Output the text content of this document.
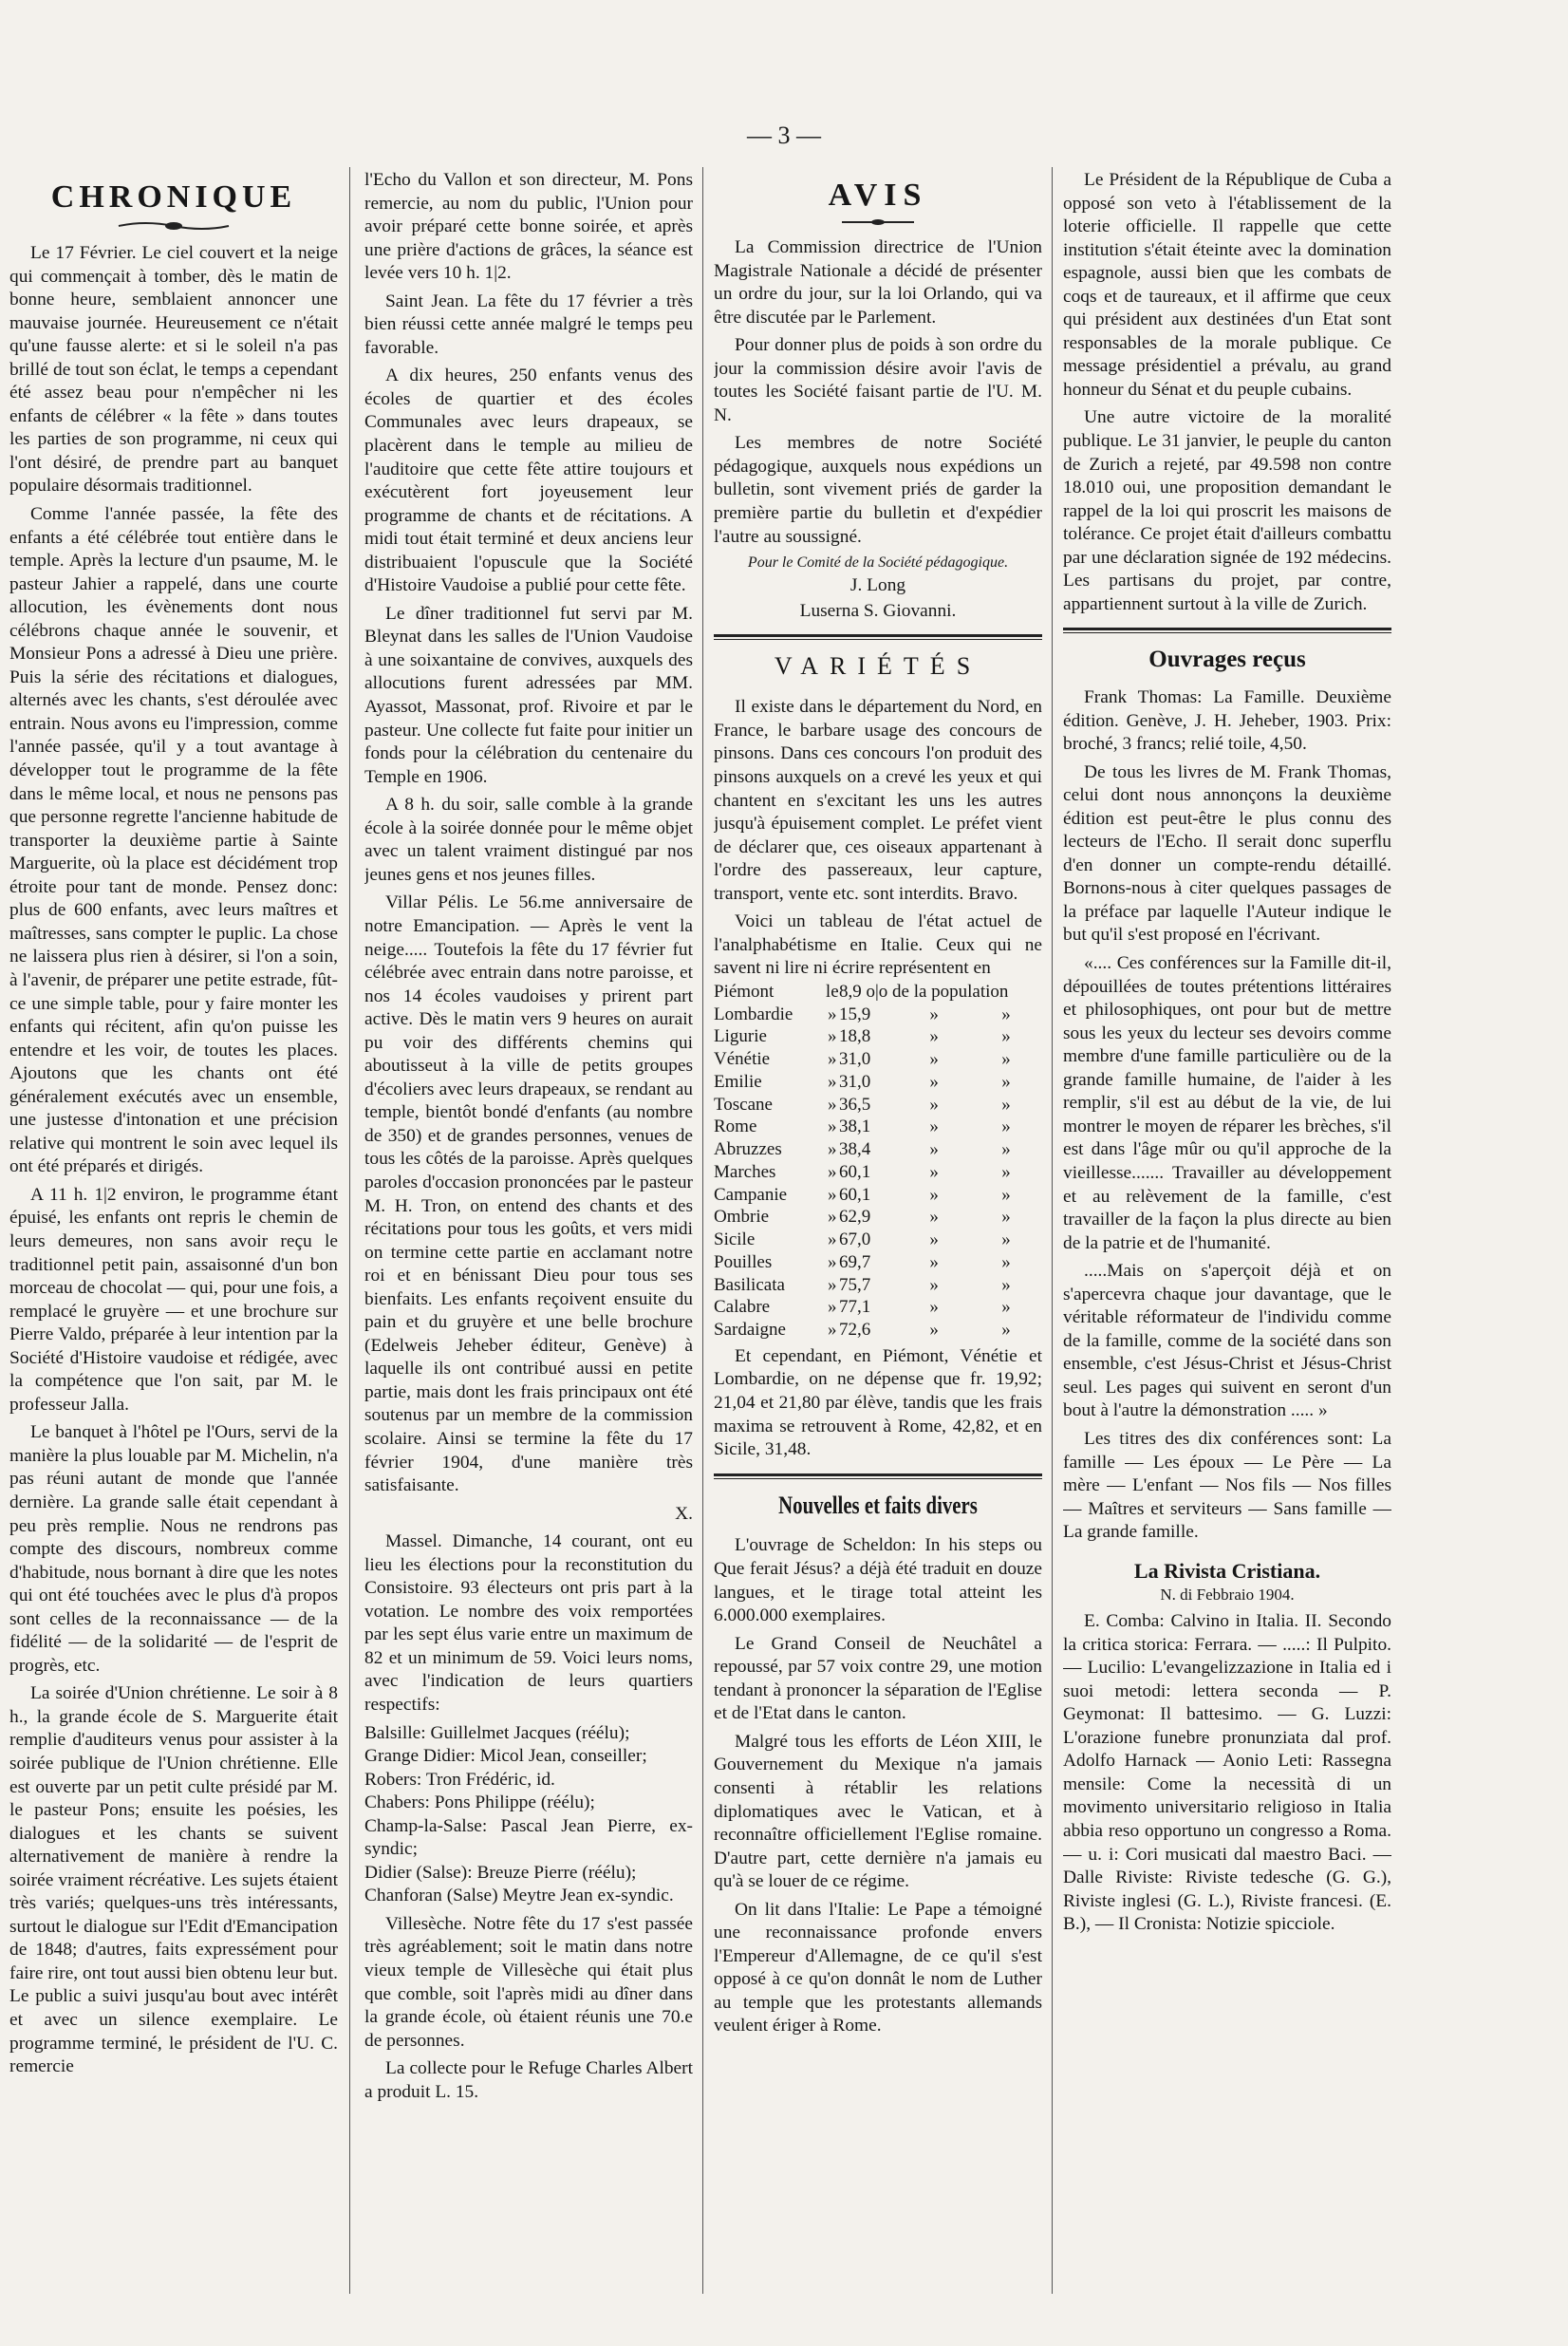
— 3 —
CHRONIQUE

Le 17 Février. Le ciel couvert et la neige qui commençait à tomber, dès le matin de bonne heure, semblaient annoncer une mauvaise journée. Heureusement ce n'était qu'une fausse alerte: et si le soleil n'a pas brillé de tout son éclat, le temps a cependant été assez beau pour n'empêcher ni les enfants de célébrer « la fête » dans toutes les parties de son programme, ni ceux qui l'ont désiré, de prendre part au banquet populaire désormais traditionnel.

Comme l'année passée, la fête des enfants a été célébrée tout entière dans le temple. Après la lecture d'un psaume, M. le pasteur Jahier a rappelé, dans une courte allocution, les évènements dont nous célébrons chaque année le souvenir, et Monsieur Pons a adressé à Dieu une prière. Puis la série des récitations et dialogues, alternés avec les chants, s'est déroulée avec entrain. Nous avons eu l'impression, comme l'année passée, qu'il y a tout avantage à développer tout le programme de la fête dans le même local, et nous ne pensons pas que personne regrette l'ancienne habitude de transporter la deuxième partie à Sainte Marguerite, où la place est décidément trop étroite pour tant de monde. Pensez donc: plus de 600 enfants, avec leurs maîtres et maîtresses, sans compter le puplic. La chose ne laissera plus rien à désirer, si l'on a soin, à l'avenir, de préparer une petite estrade, fût-ce une simple table, pour y faire monter les enfants qui récitent, afin qu'on puisse les entendre et les voir, de toutes les places. Ajoutons que les chants ont été généralement exécutés avec un ensemble, une justesse d'intonation et une précision relative qui montrent le soin avec lequel ils ont été préparés et dirigés.

A 11 h. 1|2 environ, le programme étant épuisé, les enfants ont repris le chemin de leurs demeures, non sans avoir reçu le traditionnel petit pain, assaisonné d'un bon morceau de chocolat — qui, pour une fois, a remplacé le gruyère — et une brochure sur Pierre Valdo, préparée à leur intention par la Société d'Histoire vaudoise et rédigée, avec la compétence que l'on sait, par M. le professeur Jalla.

Le banquet à l'hôtel pe l'Ours, servi de la manière la plus louable par M. Michelin, n'a pas réuni autant de monde que l'année dernière. La grande salle était cependant à peu près remplie. Nous ne rendrons pas compte des discours, nombreux comme d'habitude, nous bornant à dire que les notes qui ont été touchées avec le plus d'à propos sont celles de la reconnaissance — de la fidélité — de la solidarité — de l'esprit de progrès, etc.

La soirée d'Union chrétienne. Le soir à 8 h., la grande école de S. Marguerite était remplie d'auditeurs venus pour assister à la soirée publique de l'Union chrétienne. Elle est ouverte par un petit culte présidé par M. le pasteur Pons; ensuite les poésies, les dialogues et les chants se suivent alternativement de manière à rendre la soirée vraiment récréative. Les sujets étaient très variés; quelques-uns très intéressants, surtout le dialogue sur l'Edit d'Emancipation de 1848; d'autres, faits expressément pour faire rire, ont tout aussi bien obtenu leur but. Le public a suivi jusqu'au bout avec intérêt et avec un silence exemplaire. Le programme terminé, le président de l'U. C. remercie

l'Echo du Vallon et son directeur, M. Pons remercie, au nom du public, l'Union pour avoir préparé cette bonne soirée, et après une prière d'actions de grâces, la séance est levée vers 10 h. 1|2.

Saint Jean. La fête du 17 février a très bien réussi cette année malgré le temps peu favorable.

A dix heures, 250 enfants venus des écoles de quartier et des écoles Communales avec leurs drapeaux, se placèrent dans le temple au milieu de l'auditoire que cette fête attire toujours et exécutèrent fort joyeusement leur programme de chants et de récitations. A midi tout était terminé et deux anciens leur distribuaient l'opuscule que la Société d'Histoire Vaudoise a publié pour cette fête.

Le dîner traditionnel fut servi par M. Bleynat dans les salles de l'Union Vaudoise à une soixantaine de convives, auxquels des allocutions furent adressées par MM. Ayassot, Massonat, prof. Rivoire et par le pasteur. Une collecte fut faite pour initier un fonds pour la célébration du centenaire du Temple en 1906.

A 8 h. du soir, salle comble à la grande école à la soirée donnée pour le même objet avec un talent vraiment distingué par nos jeunes gens et nos jeunes filles.

Villar Pélis. Le 56.me anniversaire de notre Emancipation. — Après le vent la neige..... Toutefois la fête du 17 février fut célébrée avec entrain dans notre paroisse, et nos 14 écoles vaudoises y prirent part active. Dès le matin vers 9 heures on aurait pu voir des différents chemins qui aboutisseut à la ville de petits groupes d'écoliers avec leurs drapeaux, se rendant au temple, bientôt bondé d'enfants (au nombre de 350) et de grandes personnes, venues de tous les côtés de la paroisse. Après quelques paroles d'occasion prononcées par le pasteur M. H. Tron, on entend des chants et des récitations pour tous les goûts, et vers midi on termine cette partie en acclamant notre roi et en bénissant Dieu pour tous ses bienfaits. Les enfants reçoivent ensuite du pain et du gruyère et une belle brochure (Edelweis Jeheber éditeur, Genève) à laquelle ils ont contribué aussi en petite partie, mais dont les frais principaux ont été soutenus par un membre de la commission scolaire. Ainsi se termine la fête du 17 février 1904, d'une manière très satisfaisante.

X.

Massel. Dimanche, 14 courant, ont eu lieu les élections pour la reconstitution du Consistoire. 93 électeurs ont pris part à la votation. Le nombre des voix remportées par les sept élus varie entre un maximum de 82 et un minimum de 59. Voici leurs noms, avec l'indication de leurs quartiers respectifs:

Balsille: Guillelmet Jacques (réélu);

Grange Didier: Micol Jean, conseiller;

Robers: Tron Frédéric, id.

Chabers: Pons Philippe (réélu);

Champ-la-Salse: Pascal Jean Pierre, ex-syndic;

Didier (Salse): Breuze Pierre (réélu);

Chanforan (Salse) Meytre Jean ex-syndic.

Villesèche. Notre fête du 17 s'est passée très agréablement; soit le matin dans notre vieux temple de Villesèche qui était plus que comble, soit l'après midi au dîner dans la grande école, où étaient réunis une 70.e de personnes.

La collecte pour le Refuge Charles Albert a produit L. 15.

AVIS

La Commission directrice de l'Union Magistrale Nationale a décidé de présenter un ordre du jour, sur la loi Orlando, qui va être discutée par le Parlement.

Pour donner plus de poids à son ordre du jour la commission désire avoir l'avis de toutes les Société faisant partie de l'U. M. N.

Les membres de notre Société pédagogique, auxquels nous expédions un bulletin, sont vivement priés de garder la première partie du bulletin et d'expédier l'autre au soussigné.

Pour le Comité de la Société pédagogique.

J. Long

Luserna S. Giovanni.

VARIÉTÉS

Il existe dans le département du Nord, en France, le barbare usage des concours de pinsons. Dans ces concours l'on produit des pinsons auxquels on a crevé les yeux et qui chantent en s'excitant les uns les autres jusqu'à épuisement complet. Le préfet vient de déclarer que, ces oiseaux appartenant à l'ordre des passereaux, leur capture, transport, vente etc. sont interdits. Bravo.

Voici un tableau de l'état actuel de l'analphabétisme en Italie. Ceux qui ne savent ni lire ni écrire représentent en

Piémont	le	8,9 o|o de la population		
Lombardie	»	15,9	»	»
Ligurie	»	18,8	»	»
Vénétie	»	31,0	»	»
Emilie	»	31,0	»	»
Toscane	»	36,5	»	»
Rome	»	38,1	»	»
Abruzzes	»	38,4	»	»
Marches	»	60,1	»	»
Campanie	»	60,1	»	»
Ombrie	»	62,9	»	»
Sicile	»	67,0	»	»
Pouilles	»	69,7	»	»
Basilicata	»	75,7	»	»
Calabre	»	77,1	»	»
Sardaigne	»	72,6	»	»

Et cependant, en Piémont, Vénétie et Lombardie, on ne dépense que fr. 19,92; 21,04 et 21,80 par élève, tandis que les frais maxima se retrouvent à Rome, 42,82, et en Sicile, 31,48.

Nouvelles et faits divers

L'ouvrage de Scheldon: In his steps ou Que ferait Jésus? a déjà été traduit en douze langues, et le tirage total atteint les 6.000.000 exemplaires.

Le Grand Conseil de Neuchâtel a repoussé, par 57 voix contre 29, une motion tendant à prononcer la séparation de l'Eglise et de l'Etat dans le canton.

Malgré tous les efforts de Léon XIII, le Gouvernement du Mexique n'a jamais consenti à rétablir les relations diplomatiques avec le Vatican, et à reconnaître officiellement l'Eglise romaine. D'autre part, cette dernière n'a jamais eu qu'à se louer de ce régime.

On lit dans l'Italie: Le Pape a témoigné une reconnaissance profonde envers l'Empereur d'Allemagne, de ce qu'il s'est opposé à ce qu'on donnât le nom de Luther au temple que les protestants allemands veulent ériger à Rome.

Le Président de la République de Cuba a opposé son veto à l'établissement de la loterie officielle. Il rappelle que cette institution s'était éteinte avec la domination espagnole, aussi bien que les combats de coqs et de taureaux, et il affirme que ceux qui président aux destinées d'un Etat sont responsables de la morale publique. Ce message présidentiel a prévalu, au grand honneur du Sénat et du peuple cubains.

Une autre victoire de la moralité publique. Le 31 janvier, le peuple du canton de Zurich a rejeté, par 49.598 non contre 18.010 oui, une proposition demandant le rappel de la loi qui proscrit les maisons de tolérance. Ce projet était d'ailleurs combattu par une déclaration signée de 192 médecins. Les partisans du projet, par contre, appartiennent surtout à la ville de Zurich.

Ouvrages reçus

Frank Thomas: La Famille. Deuxième édition. Genève, J. H. Jeheber, 1903. Prix: broché, 3 francs; relié toile, 4,50.

De tous les livres de M. Frank Thomas, celui dont nous annonçons la deuxième édition est peut-être le plus connu des lecteurs de l'Echo. Il serait donc superflu d'en donner un compte-rendu détaillé. Bornons-nous à citer quelques passages de la préface par laquelle l'Auteur indique le but qu'il s'est proposé en l'écrivant.

«.... Ces conférences sur la Famille dit-il, dépouillées de toutes prétentions littéraires et philosophiques, ont pour but de mettre sous les yeux du lecteur ses devoirs comme membre d'une famille particulière ou de la grande famille humaine, de l'aider à les remplir, s'il est au début de la vie, de lui montrer le moyen de réparer les brèches, s'il est dans l'âge mûr ou qu'il approche de la vieillesse....... Travailler au développement et au relèvement de la famille, c'est travailler de la façon la plus directe au bien de la patrie et de l'humanité.

.....Mais on s'aperçoit déjà et on s'apercevra chaque jour davantage, que le véritable réformateur de l'individu comme de la famille, comme de la société dans son ensemble, c'est Jésus-Christ et Jésus-Christ seul. Les pages qui suivent en seront d'un bout à l'autre la démonstration ..... »

Les titres des dix conférences sont: La famille — Les époux — Le Père — La mère — L'enfant — Nos fils — Nos filles — Maîtres et serviteurs — Sans famille — La grande famille.

La Rivista Cristiana.
N. di Febbraio 1904.

E. Comba: Calvino in Italia. II. Secondo la critica storica: Ferrara. — .....: Il Pulpito. — Lucilio: L'evangelizzazione in Italia ed i suoi metodi: lettera seconda — P. Geymonat: Il battesimo. — G. Luzzi: L'orazione funebre pronunziata dal prof. Adolfo Harnack — Aonio Leti: Rassegna mensile: Come la necessità di un movimento universitario religioso in Italia abbia reso opportuno un congresso a Roma. — u. i: Cori musicati dal maestro Baci. — Dalle Riviste: Riviste tedesche (G. G.), Riviste inglesi (G. L.), Riviste francesi. (E. B.), — Il Cronista: Notizie spicciole.
